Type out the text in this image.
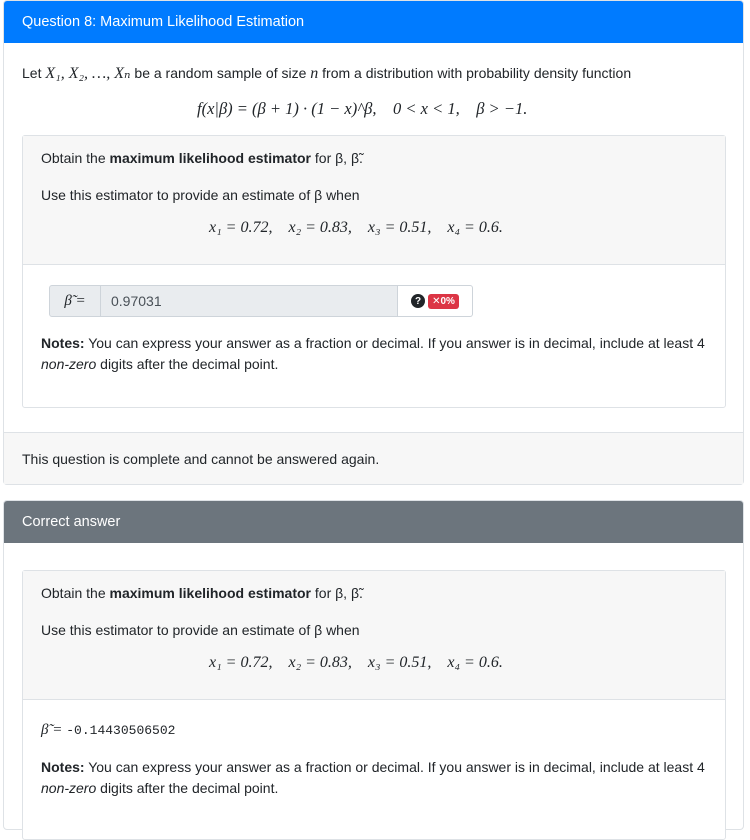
Question 8: Maximum Likelihood Estimation
Let X₁, X₂, …, Xₙ be a random sample of size n from a distribution with probability density function
f(x|β) = (β + 1) · (1 − x)^β,    0 < x < 1,    β > −1.
Obtain the maximum likelihood estimator for β, β̃.
Use this estimator to provide an estimate of β when
x₁ = 0.72,    x₂ = 0.83,    x₃ = 0.51,    x₄ = 0.6.
β̃ =	0.97031	?	✕0%
Notes: You can express your answer as a fraction or decimal. If you answer is in decimal, include at least 4 non-zero digits after the decimal point.
This question is complete and cannot be answered again.
Correct answer
Obtain the maximum likelihood estimator for β, β̃.
Use this estimator to provide an estimate of β when
x₁ = 0.72,    x₂ = 0.83,    x₃ = 0.51,    x₄ = 0.6.
β̃ = -0.14430506502
Notes: You can express your answer as a fraction or decimal. If you answer is in decimal, include at least 4 non-zero digits after the decimal point.
